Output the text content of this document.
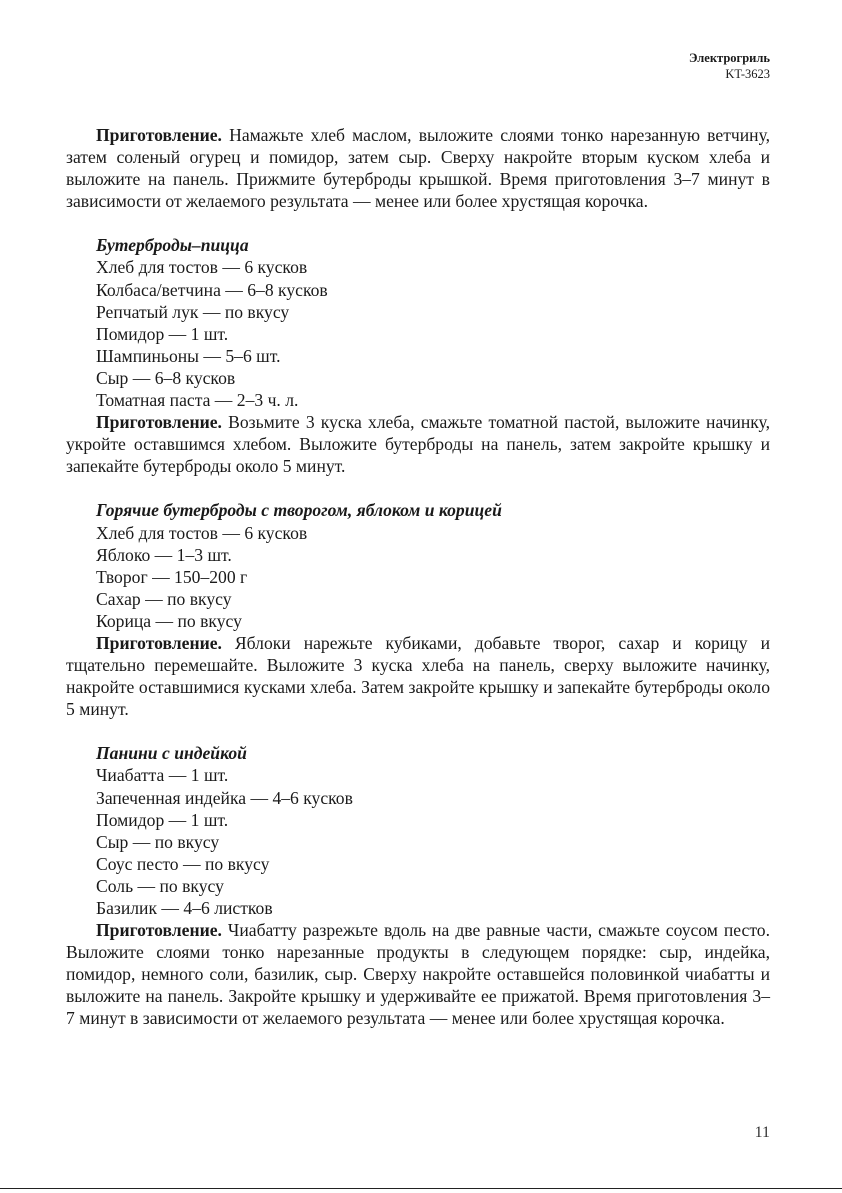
Электрогриль
KT-3623

Приготовление. Намажьте хлеб маслом, выложите слоями тонко нарезанную ветчину, затем соленый огурец и помидор, затем сыр. Сверху накройте вторым куском хлеба и выложите на панель. Прижмите бутерброды крышкой. Время приготовления 3–7 минут в зависимости от желаемого результата — менее или более хрустящая корочка.

Бутерброды–пицца

Хлеб для тостов — 6 кусков
Колбаса/ветчина — 6–8 кусков
Репчатый лук — по вкусу
Помидор — 1 шт.
Шампиньоны — 5–6 шт.
Сыр — 6–8 кусков
Томатная паста — 2–3 ч. л.

Приготовление. Возьмите 3 куска хлеба, смажьте томатной пастой, выложите начинку, укройте оставшимся хлебом. Выложите бутерброды на панель, затем закройте крышку и запекайте бутерброды около 5 минут.

Горячие бутерброды с творогом, яблоком и корицей

Хлеб для тостов — 6 кусков
Яблоко — 1–3 шт.
Творог — 150–200 г
Сахар — по вкусу
Корица — по вкусу

Приготовление. Яблоки нарежьте кубиками, добавьте творог, сахар и корицу и тщательно перемешайте. Выложите 3 куска хлеба на панель, сверху выложите начинку, накройте оставшимися кусками хлеба. Затем закройте крышку и запекайте бутерброды около 5 минут.

Панини с индейкой

Чиабатта — 1 шт.
Запеченная индейка — 4–6 кусков
Помидор — 1 шт.
Сыр — по вкусу
Соус песто — по вкусу
Соль — по вкусу
Базилик — 4–6 листков

Приготовление. Чиабатту разрежьте вдоль на две равные части, смажьте соусом песто. Выложите слоями тонко нарезанные продукты в следующем порядке: сыр, индейка, помидор, немного соли, базилик, сыр. Сверху накройте оставшейся половинкой чиабатты и выложите на панель. Закройте крышку и удерживайте ее прижатой. Время приготовления 3–7 минут в зависимости от желаемого результата — менее или более хрустящая корочка.

11
